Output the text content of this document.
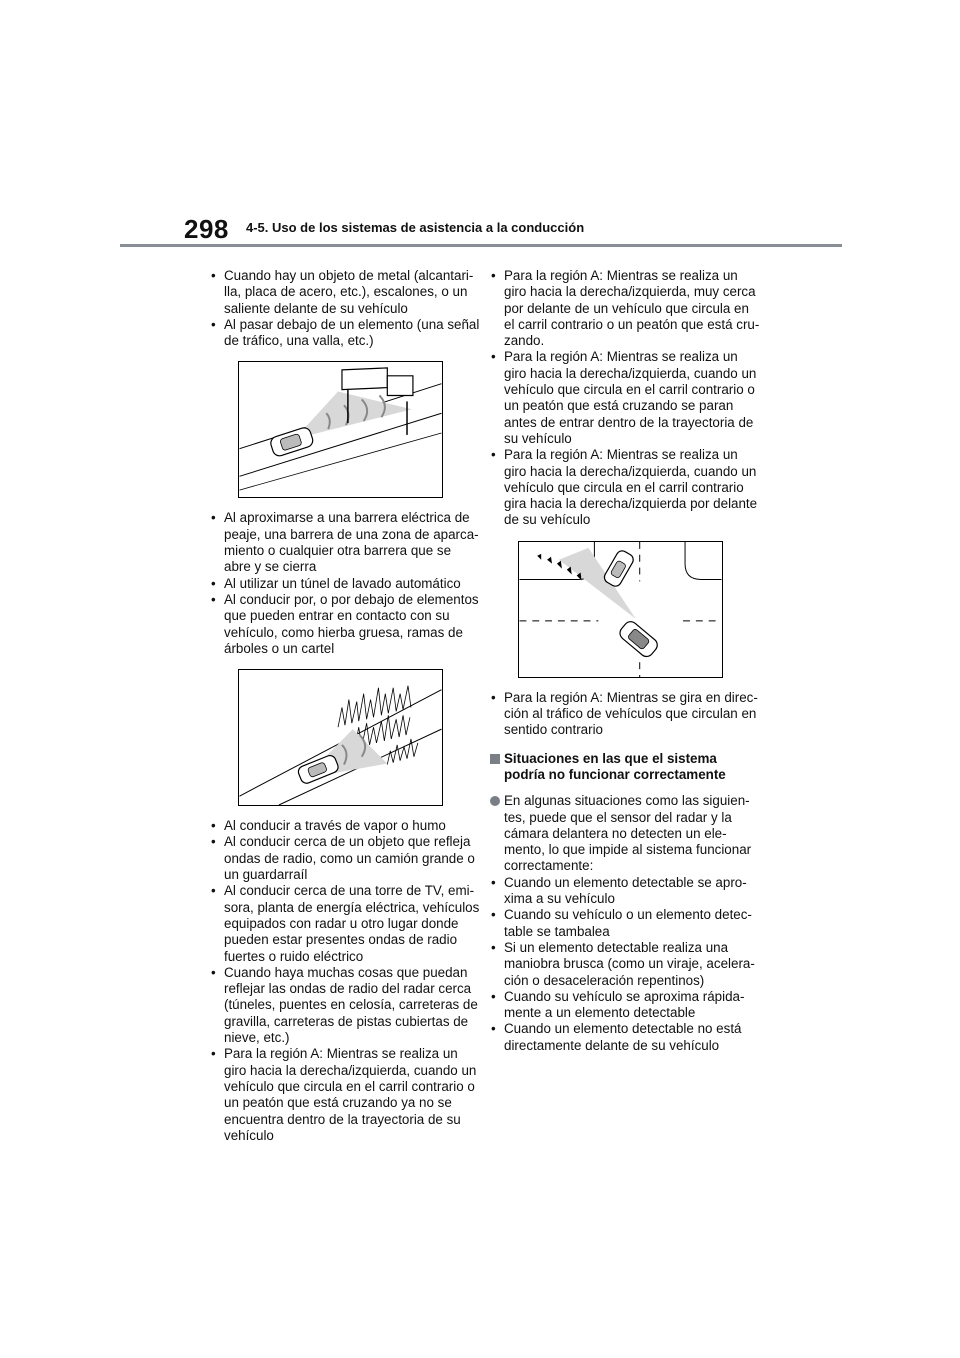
298 4-5. Uso de los sistemas de asistencia a la conducción
• Cuando hay un objeto de metal (alcantari-lla, placa de acero, etc.), escalones, o un saliente delante de su vehículo
• Al pasar debajo de un elemento (una señal de tráfico, una valla, etc.)
• Al aproximarse a una barrera eléctrica de peaje, una barrera de una zona de aparca-miento o cualquier otra barrera que se abre y se cierra
• Al utilizar un túnel de lavado automático
• Al conducir por, o por debajo de elementos que pueden entrar en contacto con su vehículo, como hierba gruesa, ramas de árboles o un cartel
• Al conducir a través de vapor o humo
• Al conducir cerca de un objeto que refleja ondas de radio, como un camión grande o un guardarraíl
• Al conducir cerca de una torre de TV, emi-sora, planta de energía eléctrica, vehículos equipados con radar u otro lugar donde pueden estar presentes ondas de radio fuertes o ruido eléctrico
• Cuando haya muchas cosas que puedan reflejar las ondas de radio del radar cerca (túneles, puentes en celosía, carreteras de gravilla, carreteras de pistas cubiertas de nieve, etc.)
• Para la región A: Mientras se realiza un giro hacia la derecha/izquierda, cuando un vehículo que circula en el carril contrario o un peatón que está cruzando ya no se encuentra dentro de la trayectoria de su vehículo
• Para la región A: Mientras se realiza un giro hacia la derecha/izquierda, muy cerca por delante de un vehículo que circula en el carril contrario o un peatón que está cru-zando.
• Para la región A: Mientras se realiza un giro hacia la derecha/izquierda, cuando un vehículo que circula en el carril contrario o un peatón que está cruzando se paran antes de entrar dentro de la trayectoria de su vehículo
• Para la región A: Mientras se realiza un giro hacia la derecha/izquierda, cuando un vehículo que circula en el carril contrario gira hacia la derecha/izquierda por delante de su vehículo
• Para la región A: Mientras se gira en direc-ción al tráfico de vehículos que circulan en sentido contrario
Situaciones en las que el sistema podría no funcionar correctamente
En algunas situaciones como las siguien-tes, puede que el sensor del radar y la cámara delantera no detecten un ele-mento, lo que impide al sistema funcionar correctamente:
• Cuando un elemento detectable se apro-xima a su vehículo
• Cuando su vehículo o un elemento detec-table se tambalea
• Si un elemento detectable realiza una maniobra brusca (como un viraje, acelera-ción o desaceleración repentinos)
• Cuando su vehículo se aproxima rápida-mente a un elemento detectable
• Cuando un elemento detectable no está directamente delante de su vehículo
